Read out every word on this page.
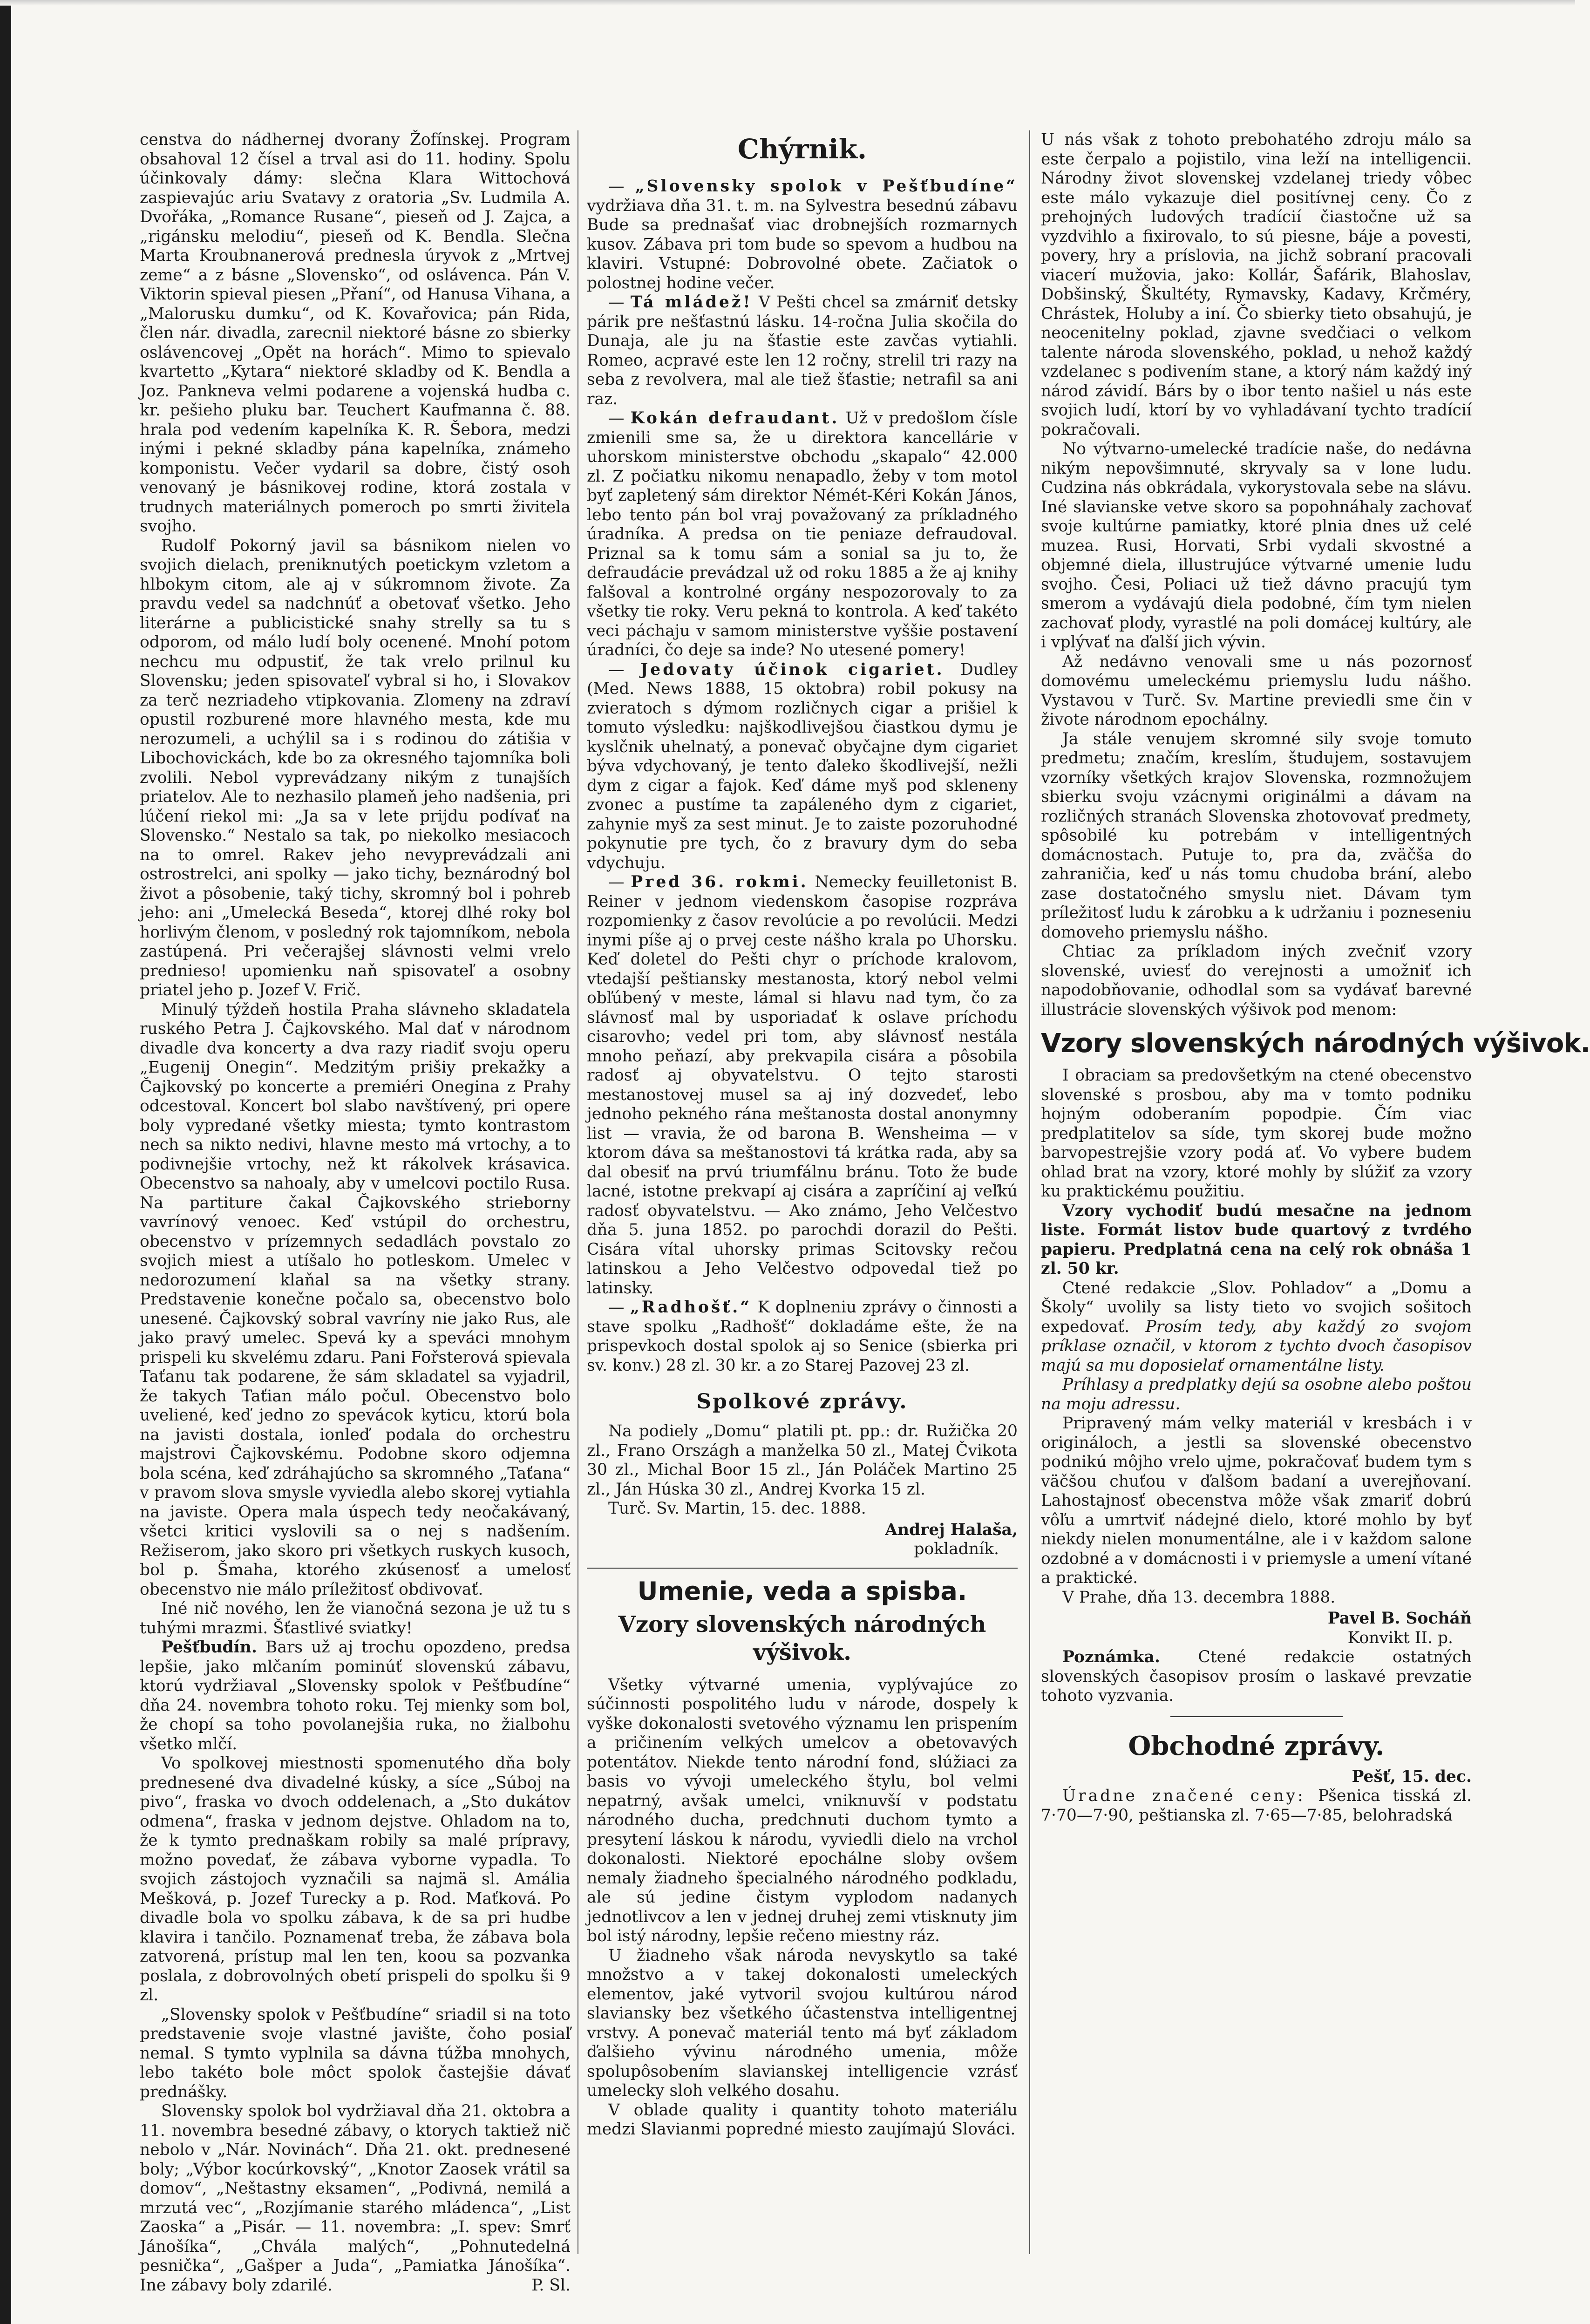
censtva do nádhernej dvorany Žofínskej. Program obsahoval 12 čísel a trval asi do 11. hodiny. Spolu účinkovaly dámy: slečna Klara Wittochová zaspievajúc ariu Svatavy z oratoria „Sv. Ludmila A. Dvořáka, „Romance Rusane“, pieseň od J. Zajca, a „rigánsku melodiu“, pieseň od K. Bendla. Slečna Marta Kroubnanerová prednesla úryvok z „Mrtvej zeme“ a z básne „Slovensko“, od oslávenca. Pán V. Viktorin spieval piesen „Přaní“, od Hanusa Vihana, a „Malorusku dumku“, od K. Kovařovica; pán Rida, člen nár. divadla, zarecnil niektoré básne zo sbierky oslávencovej „Opět na horách“. Mimo to spievalo kvartetto „Kytara“ niektoré skladby od K. Bendla a Joz. Pankneva velmi podarene a vojenská hudba c. kr. pešieho pluku bar. Teuchert Kaufmanna č. 88. hrala pod vedením kapelníka K. R. Šebora, medzi inými i pekné skladby pána kapelníka, známeho komponistu. Večer vydaril sa dobre, čistý osoh venovaný je básnikovej rodine, ktorá zostala v trudnych materiálnych pomeroch po smrti živitela svojho.

Rudolf Pokorný javil sa básnikom nielen vo svojich dielach, preniknutých poetickym vzletom a hlbokym citom, ale aj v súkromnom živote. Za pravdu vedel sa nadchnúť a obetovať všetko. Jeho literárne a publicistické snahy strelly sa tu s odporom, od málo ludí boly ocenené. Mnohí potom nechcu mu odpustiť, že tak vrelo prilnul ku Slovensku; jeden spisovateľ vybral si ho, i Slovakov za terč nezriadeho vtipkovania. Zlomeny na zdraví opustil rozburené more hlavného mesta, kde mu nerozumeli, a uchýlil sa i s rodinou do zátišia v Libochovickách, kde bo za okresného tajomníka boli zvolili. Nebol vyprevádzany nikým z tunajších priatelov. Ale to nezhasilo plameň jeho nadšenia, pri lúčení riekol mi: „Ja sa v lete prijdu podívať na Slovensko.“ Nestalo sa tak, po niekolko mesiacoch na to omrel. Rakev jeho nevyprevádzali ani ostrostrelci, ani spolky — jako tichy, beznárodný bol život a pôsobenie, taký tichy, skromný bol i pohreb jeho: ani „Umelecká Beseda“, ktorej dlhé roky bol horlivým členom, v posledný rok tajomníkom, nebola zastúpená. Pri večerajšej slávnosti velmi vrelo prednieso! upomienku naň spisovateľ a osobny priatel jeho p. Jozef V. Frič.

Minulý týždeň hostila Praha slávneho skladatela ruského Petra J. Čajkovského. Mal dať v národnom divadle dva koncerty a dva razy riadiť svoju operu „Eugenij Onegin“. Medzitým prišiy prekažky a Čajkovský po koncerte a premiéri Onegina z Prahy odcestoval. Koncert bol slabo navštívený, pri opere boly vypredané všetky miesta; tymto kontrastom nech sa nikto nedivi, hlavne mesto má vrtochy, a to podivnejšie vrtochy, než kt rákolvek krásavica. Obecenstvo sa nahoaly, aby v umelcovi poctilo Rusa. Na partiture čakal Čajkovského strieborny vavrínový venoec. Keď vstúpil do orchestru, obecenstvo v prízemnych sedadlách povstalo zo svojich miest a utíšalo ho potleskom. Umelec v nedorozumení klaňal sa na všetky strany. Predstavenie konečne počalo sa, obecenstvo bolo unesené. Čajkovský sobral vavríny nie jako Rus, ale jako pravý umelec. Spevá ky a speváci mnohym prispeli ku skvelému zdaru. Pani Fořsterová spievala Taťanu tak podarene, že sám skladatel sa vyjadril, že takych Taťian málo počul. Obecenstvo bolo uveliené, keď jedno zo spevácok kyticu, ktorú bola na javisti dostala, ionleď podala do orchestru majstrovi Čajkovskému. Podobne skoro odjemna bola scéna, keď zdráhajúcho sa skromného „Taťana“ v pravom slova smysle vyviedla alebo skorej vytiahla na javiste. Opera mala úspech tedy neočakávaný, všetci kritici vyslovili sa o nej s nadšením. Režiserom, jako skoro pri všetkych ruskych kusoch, bol p. Šmaha, ktorého zkúsenosť a umelosť obecenstvo nie málo príležitosť obdivovať.

Iné nič nového, len že vianočná sezona je už tu s tuhými mrazmi. Šťastlivé sviatky!

Pešťbudín. Bars už aj trochu opozdeno, predsa lepšie, jako mlčaním pominúť slovenskú zábavu, ktorú vydržiaval „Slovensky spolok v Pešťbudíne“ dňa 24. novembra tohoto roku. Tej mienky som bol, že chopí sa toho povolanejšia ruka, no žialbohu všetko mlčí.

Vo spolkovej miestnosti spomenutého dňa boly prednesené dva divadelné kúsky, a síce „Súboj na pivo“, fraska vo dvoch oddelenach, a „Sto dukátov odmena“, fraska v jednom dejstve. Ohladom na to, že k tymto prednaškam robily sa malé prípravy, možno povedať, že zábava vyborne vypadla. To svojich zástojoch vyznačili sa najmä sl. Amália Mešková, p. Jozef Turecky a p. Rod. Maťková. Po divadle bola vo spolku zábava, k de sa pri hudbe klavira i tančilo. Poznamenať treba, že zábava bola zatvorená, prístup mal len ten, koou sa pozvanka poslala, z dobrovolných obetí prispeli do spolku ši 9 zl.

„Slovensky spolok v Pešťbudíne“ sriadil si na toto predstavenie svoje vlastné javište, čoho posiaľ nemal. S tymto vyplnila sa dávna túžba mnohych, lebo takéto bole môct spolok častejšie dávať prednášky.

Slovensky spolok bol vydržiaval dňa 21. oktobra a 11. novembra besedné zábavy, o ktorych taktiež nič nebolo v „Nár. Novinách“. Dňa 21. okt. prednesené boly; „Výbor kocúrkovský“, „Knotor Zaosek vrátil sa domov“, „Neštastny eksamen“, „Podivná, nemilá a mrzutá vec“, „Rozjímanie starého mládenca“, „List Zaoska“ a „Pisár. — 11. novembra: „I. spev: Smrť Jánošíka“, „Chvála malých“, „Pohnutedelná pesnička“, „Gašper a Juda“, „Pamiatka Jánošíka“. Ine zábavy boly zdarilé.	P. Sl.

Chýrnik.

— „Slovensky spolok v Pešťbudíne“ vydržiava dňa 31. t. m. na Sylvestra besednú zábavu Bude sa prednašať viac drobnejších rozmarnych kusov. Zábava pri tom bude so spevom a hudbou na klaviri. Vstupné: Dobrovolné obete. Začiatok o polostnej hodine večer.

— Tá mládež! V Pešti chcel sa zmárniť detsky párik pre nešťastnú lásku. 14-ročna Julia skočila do Dunaja, ale ju na šťastie este zavčas vytiahli. Romeo, acpravé este len 12 ročny, strelil tri razy na seba z revolvera, mal ale tiež šťastie; netrafil sa ani raz.

— Kokán defraudant. Už v predošlom čísle zmienili sme sa, že u direktora kancellárie v uhorskom ministerstve obchodu „skapalo“ 42.000 zl. Z počiatku nikomu nenapadlo, žeby v tom motol byť zapletený sám direktor Némét-Kéri Kokán János, lebo tento pán bol vraj považovaný za príkladného úradníka. A predsa on tie peniaze defraudoval. Priznal sa k tomu sám a sonial sa ju to, že defraudácie prevádzal už od roku 1885 a že aj knihy falšoval a kontrolné orgány nespozorovaly to za všetky tie roky. Veru pekná to kontrola. A keď takéto veci páchaju v samom ministerstve vyššie postavení úradníci, čo deje sa inde? No utesené pomery!

— Jedovaty účinok cigariet. Dudley (Med. News 1888, 15 oktobra) robil pokusy na zvieratoch s dýmom rozličnych cigar a prišiel k tomuto výsledku: najškodlivejšou čiastkou dymu je kyslčnik uhelnatý, a ponevač obyčajne dym cigariet býva vdychovaný, je tento ďaleko škodlivejší, nežli dym z cigar a fajok. Keď dáme myš pod skleneny zvonec a pustíme ta zapáleného dym z cigariet, zahynie myš za sest minut. Je to zaiste pozoruhodné pokynutie pre tych, čo z bravury dym do seba vdychuju.

— Pred 36. rokmi. Nemecky feuilletonist B. Reiner v jednom viedenskom časopise rozpráva rozpomienky z časov revolúcie a po revolúcii. Medzi inymi píše aj o prvej ceste nášho krala po Uhorsku. Keď doletel do Pešti chyr o príchode kralovom, vtedajší peštiansky mestanosta, ktorý nebol velmi obľúbený v meste, lámal si hlavu nad tym, čo za slávnosť mal by usporiadať k oslave príchodu cisarovho; vedel pri tom, aby slávnosť nestála mnoho peňazí, aby prekvapila cisára a pôsobila radosť aj obyvatelstvu. O tejto starosti mestanostovej musel sa aj iný dozvedeť, lebo jednoho pekného rána meštanosta dostal anonymny list — vravia, že od barona B. Wensheima — v ktorom dáva sa meštanostovi tá krátka rada, aby sa dal obesiť na prvú triumfálnu bránu. Toto že bude lacné, istotne prekvapí aj cisára a zapríčiní aj veľkú radosť obyvatelstvu. — Ako známo, Jeho Velčestvo dňa 5. juna 1852. po parochdi dorazil do Pešti. Cisára vítal uhorsky primas Scitovsky rečou latinskou a Jeho Velčestvo odpovedal tiež po latinsky.

— „Radhošť.“ K doplneniu zprávy o činnosti a stave spolku „Radhošť“ dokladáme ešte, že na prispevkoch dostal spolok aj so Senice (sbierka pri sv. konv.) 28 zl. 30 kr. a zo Starej Pazovej 23 zl.

Spolkové zprávy.

Na podiely „Domu“ platili pt. pp.: dr. Ružička 20 zl., Frano Országh a manželka 50 zl., Matej Čvikota 30 zl., Michal Boor 15 zl., Ján Poláček Martino 25 zl., Ján Húska 30 zl., Andrej Kvorka 15 zl.

Turč. Sv. Martin, 15. dec. 1888.

Andrej Halaša,

pokladník.

Umenie, veda a spisba.
Vzory slovenských národných výšivok.

Všetky výtvarné umenia, vyplývajúce zo súčinnosti pospolitého ludu v národe, dospely k vyške dokonalosti svetového významu len prispením a pričinením velkých umelcov a obetovavých potentátov. Niekde tento národní fond, slúžiaci za basis vo vývoji umeleckého štylu, bol velmi nepatrný, avšak umelci, vniknuvší v podstatu národného ducha, predchnuti duchom tymto a presytení láskou k národu, vyviedli dielo na vrchol dokonalosti. Niektoré epochálne sloby ovšem nemaly žiadneho špecialného národného podkladu, ale sú jedine čistym vyplodom nadanych jednotlivcov a len v jednej druhej zemi vtisknuty jim bol istý národny, lepšie rečeno miestny ráz.

U žiadneho však národa nevyskytlo sa také množstvo a v takej dokonalosti umeleckých elementov, jaké vytvoril svojou kultúrou národ slaviansky bez všetkého účastenstva intelligentnej vrstvy. A ponevač materiál tento má byť základom ďalšieho vývinu národného umenia, môže spolupôsobením slavianskej intelligencie vzrásť umelecky sloh velkého dosahu.

V oblade quality i quantity tohoto materiálu medzi Slavianmi popredné miesto zaujímajú Slováci.

U nás však z tohoto prebohatého zdroju málo sa este čerpalo a pojistilo, vina leží na intelligencii. Národny život slovenskej vzdelanej triedy vôbec este málo vykazuje diel positívnej ceny. Čo z prehojných ludových tradícií čiastočne už sa vyzdvihlo a fixirovalo, to sú piesne, báje a povesti, povery, hry a príslovia, na jichž sobraní pracovali viacerí mužovia, jako: Kollár, Šafárik, Blahoslav, Dobšinský, Škultéty, Rymavsky, Kadavy, Krčméry, Chrástek, Holuby a iní. Čo sbierky tieto obsahujú, je neocenitelny poklad, zjavne svedčiaci o velkom talente národa slovenského, poklad, u nehož každý vzdelanec s podivením stane, a ktorý nám každý iný národ závidí. Bárs by o ibor tento našiel u nás este svojich ludí, ktorí by vo vyhladávaní tychto tradícií pokračovali.

No výtvarno-umelecké tradície naše, do nedávna nikým nepovšimnuté, skryvaly sa v lone ludu. Cudzina nás obkrádala, vykorystovala sebe na slávu. Iné slavianske vetve skoro sa popohnáhaly zachovať svoje kultúrne pamiatky, ktoré plnia dnes už celé muzea. Rusi, Horvati, Srbi vydali skvostné a objemné diela, illustrujúce výtvarné umenie ludu svojho. Česi, Poliaci už tiež dávno pracujú tym smerom a vydávajú diela podobné, čím tym nielen zachovať plody, vyrastlé na poli domácej kultúry, ale i vplývať na ďalší jich vývin.

Až nedávno venovali sme u nás pozornosť domovému umeleckému priemyslu ludu nášho. Vystavou v Turč. Sv. Martine previedli sme čin v živote národnom epochálny.

Ja stále venujem skromné sily svoje tomuto predmetu; značím, kreslím, študujem, sostavujem vzorníky všetkých krajov Slovenska, rozmnožujem sbierku svoju vzácnymi originálmi a dávam na rozličných stranách Slovenska zhotovovať predmety, spôsobilé ku potrebám v intelligentných domácnostach. Putuje to, pra da, zväčša do zahraničia, keď u nás tomu chudoba brání, alebo zase dostatočného smyslu niet. Dávam tym príležitosť ludu k zárobku a k udržaniu i pozneseniu domoveho priemyslu nášho.

Chtiac za príkladom iných zvečniť vzory slovenské, uviesť do verejnosti a umožniť ich napodobňovanie, odhodlal som sa vydávať barevné illustrácie slovenských výšivok pod menom:

Vzory slovenských národných výšivok.

I obraciam sa predovšetkým na ctené obecenstvo slovenské s prosbou, aby ma v tomto podniku hojným odoberaním popodpie. Čím viac predplatitelov sa síde, tym skorej bude možno barvopestrejšie vzory podá ať. Vo vybere budem ohlad brat na vzory, ktoré mohly by slúžiť za vzory ku praktickému použitiu.

Vzory vychodiť budú mesačne na jednom liste. Formát listov bude quartový z tvrdého papieru. Predplatná cena na celý rok obnáša 1 zl. 50 kr.

Ctené redakcie „Slov. Pohladov“ a „Domu a Školy“ uvolily sa listy tieto vo svojich sošitoch expedovať. Prosím tedy, aby každý zo svojom príklase označil, v ktorom z tychto dvoch časopisov majú sa mu doposielať ornamentálne listy.

Príhlasy a predplatky dejú sa osobne alebo poštou na moju adressu.

Pripravený mám velky materiál v kresbách i v origináloch, a jestli sa slovenské obecenstvo podnikú môjho vrelo ujme, pokračovať budem tym s väčšou chuťou v ďalšom badaní a uverejňovaní. Lahostajnosť obecenstva môže však zmariť dobrú vôľu a umrtviť nádejné dielo, ktoré mohlo by byť niekdy nielen monumentálne, ale i v každom salone ozdobné a v domácnosti i v priemysle a umení vítané a praktické.

V Prahe, dňa 13. decembra 1888.

Pavel B. Socháň

Konvikt II. p.

Poznámka. Ctené redakcie ostatných slovenských časopisov prosím o laskavé prevzatie tohoto vyzvania.

Obchodné zprávy.

Pešť, 15. dec.

Úradne značené ceny: Pšenica tisská zl. 7·70—7·90, peštianska zl. 7·65—7·85, belohradská
